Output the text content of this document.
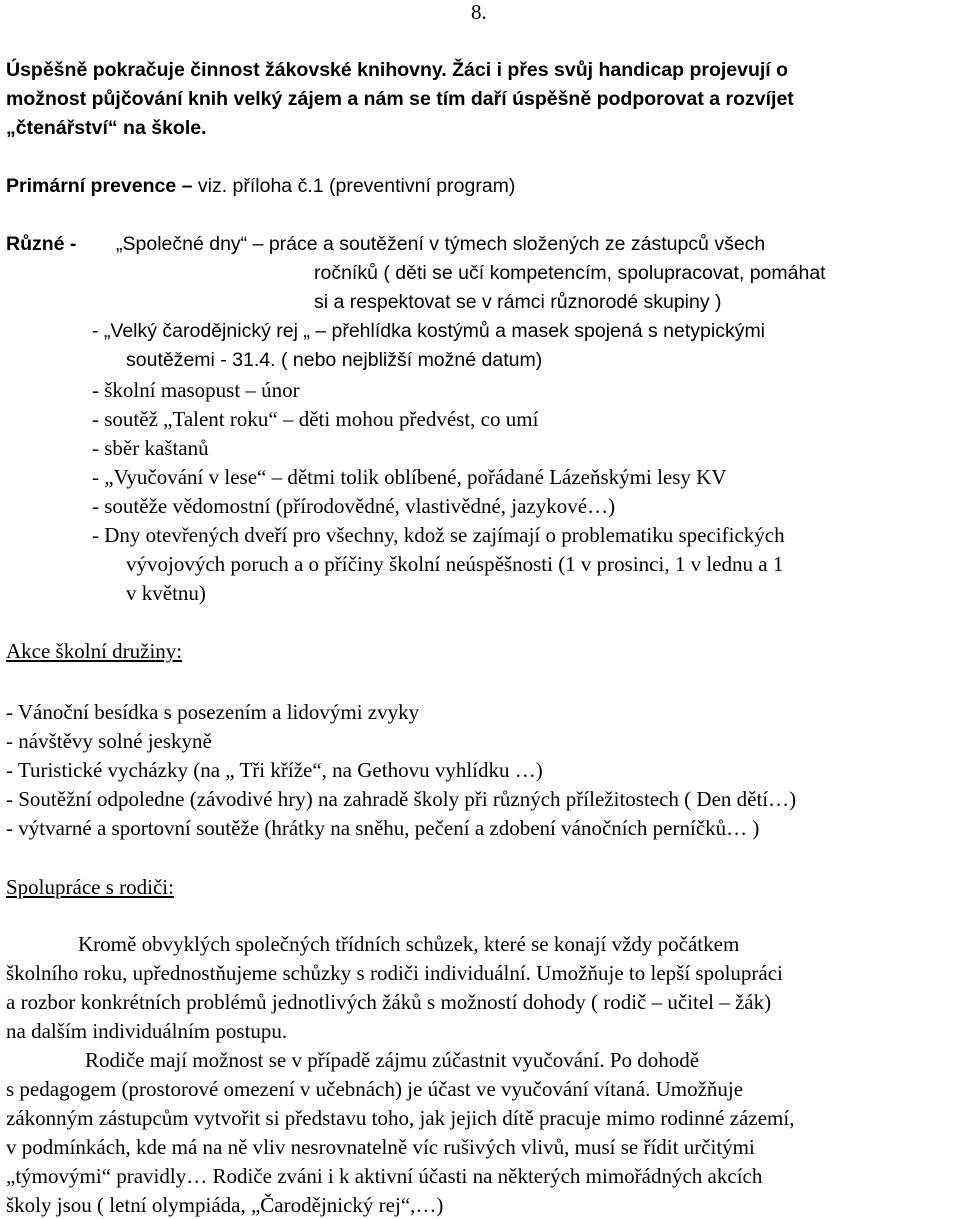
8.
Úspěšně pokračuje činnost žákovské knihovny. Žáci i přes svůj handicap projevují o
možnost půjčování knih velký zájem a nám se tím daří úspěšně podporovat a rozvíjet
„čtenářství“ na škole.
Primární prevence – viz. příloha č.1 (preventivní program)
Různé - „Společné dny“ – práce a soutěžení v týmech složených ze zástupců všech
ročníků ( děti se učí kompetencím, spolupracovat, pomáhat
si a respektovat se v rámci různorodé skupiny )
- „Velký čarodějnický rej „ – přehlídka kostýmů a masek spojená s netypickými
soutěžemi - 31.4. ( nebo nejbližší možné datum)
- školní masopust – únor
- soutěž „Talent roku“ – děti mohou předvést, co umí
- sběr kaštanů
- „Vyučování v lese“ – dětmi tolik oblíbené, pořádané Lázeňskými lesy KV
- soutěže vědomostní (přírodovědné, vlastivědné, jazykové…)
- Dny otevřených dveří pro všechny, kdož se zajímají o problematiku specifických
vývojových poruch a o příčiny školní neúspěšnosti (1 v prosinci, 1 v lednu a 1
v květnu)
Akce školní družiny:
- Vánoční besídka s posezením a lidovými zvyky
- návštěvy solné jeskyně
- Turistické vycházky (na „ Tři kříže“, na Gethovu vyhlídku …)
- Soutěžní odpoledne (závodivé hry) na zahradě školy při různých příležitostech ( Den dětí…)
- výtvarné a sportovní soutěže (hrátky na sněhu, pečení a zdobení vánočních perníčků… )
Spolupráce s rodiči:
Kromě obvyklých společných třídních schůzek, které se konají vždy počátkem
školního roku, upřednostňujeme schůzky s rodiči individuální. Umožňuje to lepší spolupráci
a rozbor konkrétních problémů jednotlivých žáků s možností dohody ( rodič – učitel – žák)
na dalším individuálním postupu.
Rodiče mají možnost se v případě zájmu zúčastnit vyučování. Po dohodě
s pedagogem (prostorové omezení v učebnách) je účast ve vyučování vítaná. Umožňuje
zákonným zástupcům vytvořit si představu toho, jak jejich dítě pracuje mimo rodinné zázemí,
v podmínkách, kde má na ně vliv nesrovnatelně víc rušivých vlivů, musí se řídit určitými
„týmovými“ pravidly… Rodiče zváni i k aktivní účasti na některých mimořádných akcích
školy jsou ( letní olympiáda, „Čarodějnický rej“,…)
